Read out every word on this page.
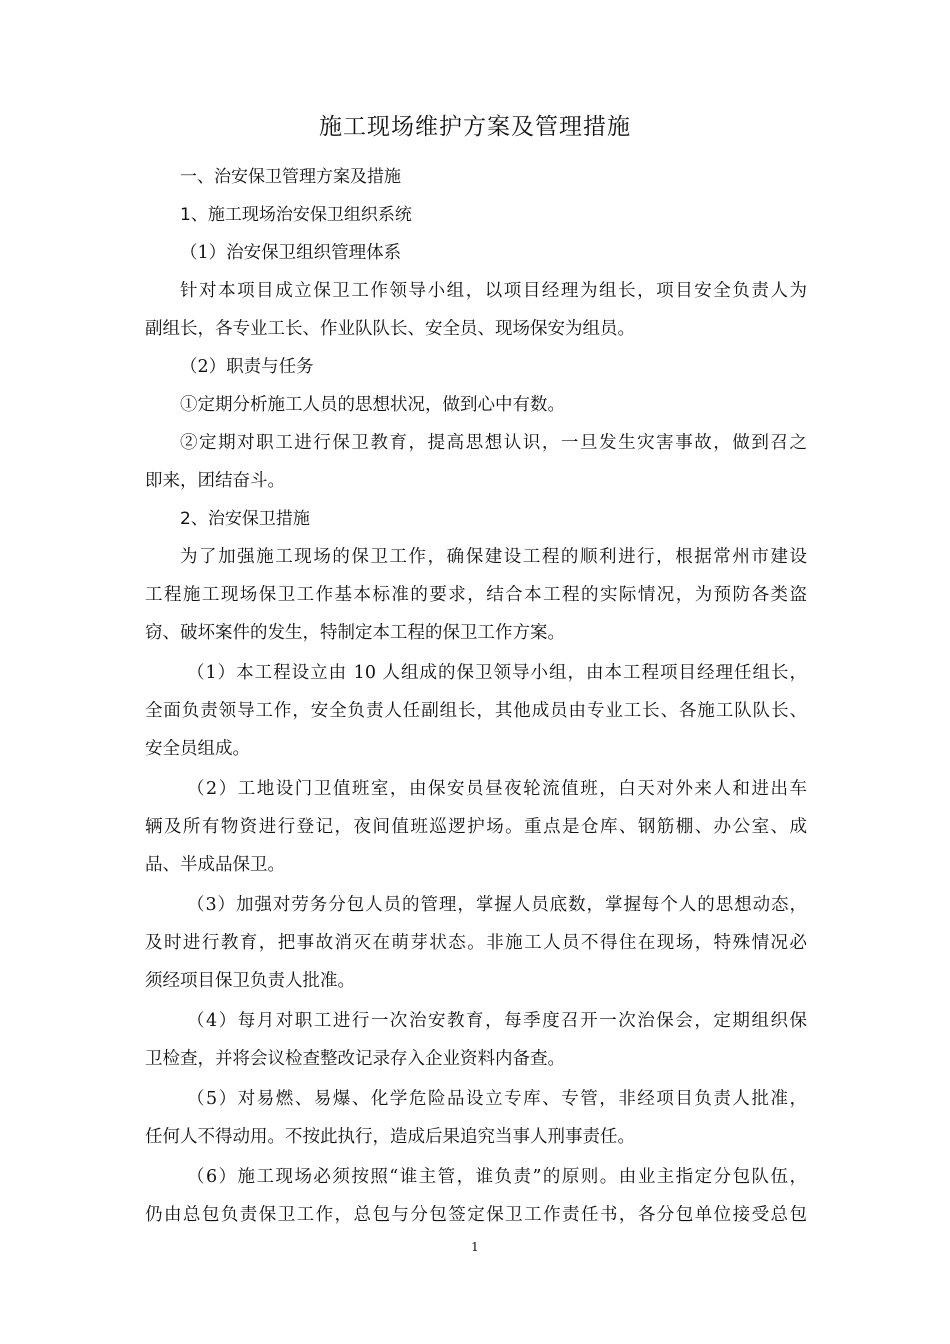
施工现场维护方案及管理措施
一、治安保卫管理方案及措施
1、施工现场治安保卫组织系统
（1）治安保卫组织管理体系
针对本项目成立保卫工作领导小组，以项目经理为组长，项目安全负责人为
副组长，各专业工长、作业队队长、安全员、现场保安为组员。
（2）职责与任务
①定期分析施工人员的思想状况，做到心中有数。
②定期对职工进行保卫教育，提高思想认识，一旦发生灾害事故，做到召之
即来，团结奋斗。
2、治安保卫措施
为了加强施工现场的保卫工作，确保建设工程的顺利进行，根据常州市建设
工程施工现场保卫工作基本标准的要求，结合本工程的实际情况，为预防各类盗
窃、破坏案件的发生，特制定本工程的保卫工作方案。
（1）本工程设立由 10 人组成的保卫领导小组，由本工程项目经理任组长，
全面负责领导工作，安全负责人任副组长，其他成员由专业工长、各施工队队长、
安全员组成。
（2）工地设门卫值班室，由保安员昼夜轮流值班，白天对外来人和进出车
辆及所有物资进行登记，夜间值班巡逻护场。重点是仓库、钢筋棚、办公室、成
品、半成品保卫。
（3）加强对劳务分包人员的管理，掌握人员底数，掌握每个人的思想动态，
及时进行教育，把事故消灭在萌芽状态。非施工人员不得住在现场，特殊情况必
须经项目保卫负责人批准。
（4）每月对职工进行一次治安教育，每季度召开一次治保会，定期组织保
卫检查，并将会议检查整改记录存入企业资料内备查。
（5）对易燃、易爆、化学危险品设立专库、专管，非经项目负责人批准，
任何人不得动用。不按此执行，造成后果追究当事人刑事责任。
（6）施工现场必须按照“谁主管，谁负责”的原则。由业主指定分包队伍，
仍由总包负责保卫工作，总包与分包签定保卫工作责任书，各分包单位接受总包
1
